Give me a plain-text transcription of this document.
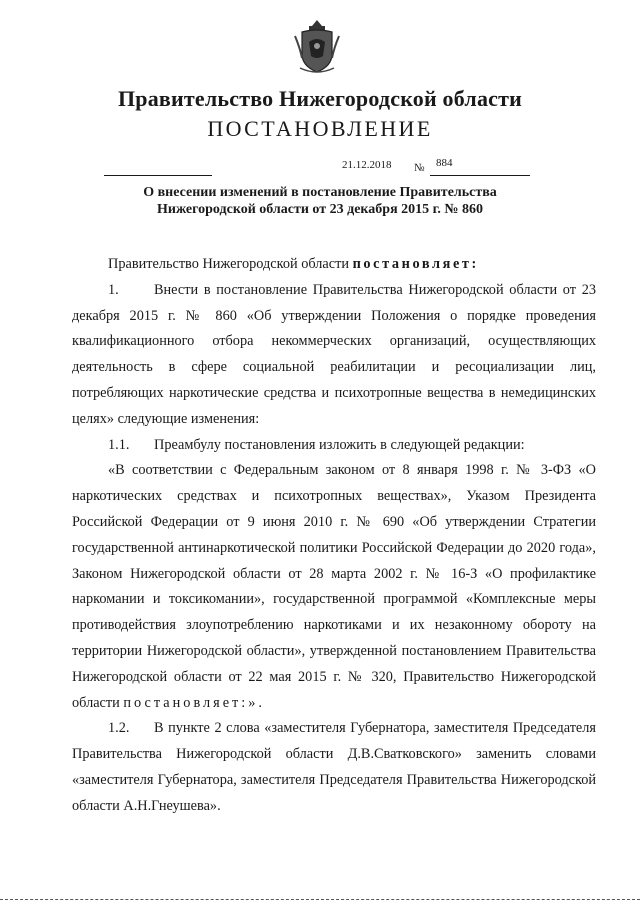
Правительство Нижегородской области
ПОСТАНОВЛЕНИЕ
21.12.2018 № 884
О внесении изменений в постановление Правительства
Нижегородской области от 23 декабря 2015 г. № 860

Правительство Нижегородской области постановляет:

1. Внести в постановление Правительства Нижегородской области от 23 декабря 2015 г. № 860 «Об утверждении Положения о порядке проведения квалификационного отбора некоммерческих организаций, осуществляющих деятельность в сфере социальной реабилитации и ресоциализации лиц, потребляющих наркотические средства и психотропные вещества в немедицинских целях» следующие изменения:

1.1. Преамбулу постановления изложить в следующей редакции:

«В соответствии с Федеральным законом от 8 января 1998 г. № 3-ФЗ «О наркотических средствах и психотропных веществах», Указом Президента Российской Федерации от 9 июня 2010 г. № 690 «Об утверждении Стратегии государственной антинаркотической политики Российской Федерации до 2020 года», Законом Нижегородской области от 28 марта 2002 г. № 16-З «О профилактике наркомании и токсикомании», государственной программой «Комплексные меры противодействия злоупотреблению наркотиками и их незаконному обороту на территории Нижегородской области», утвержденной постановлением Правительства Нижегородской области от 22 мая 2015 г. № 320, Правительство Нижегородской области постановляет:».

1.2. В пункте 2 слова «заместителя Губернатора, заместителя Председателя Правительства Нижегородской области Д.В.Сватковского» заменить словами «заместителя Губернатора, заместителя Председателя Правительства Нижегородской области А.Н.Гнеушева».
